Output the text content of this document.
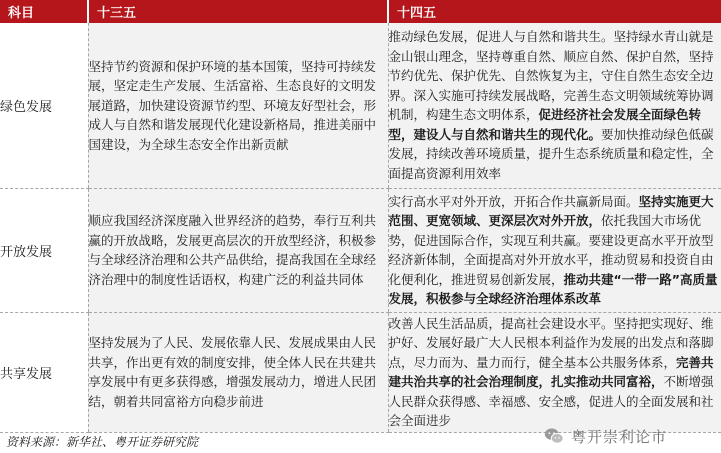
科目	十三五	十四五
绿色发展	坚持节约资源和保护环境的基本国策，坚持可持续发展，坚定走生产发展、生活富裕、生态良好的文明发展道路，加快建设资源节约型、环境友好型社会，形成人与自然和谐发展现代化建设新格局，推进美丽中国建设，为全球生态安全作出新贡献	推动绿色发展，促进人与自然和谐共生。坚持绿水青山就是金山银山理念，坚持尊重自然、顺应自然、保护自然，坚持节约优先、保护优先、自然恢复为主，守住自然生态安全边界。深入实施可持续发展战略，完善生态文明领域统筹协调机制，构建生态文明体系，促进经济社会发展全面绿色转型，建设人与自然和谐共生的现代化。要加快推动绿色低碳发展，持续改善环境质量，提升生态系统质量和稳定性，全面提高资源利用效率
开放发展	顺应我国经济深度融入世界经济的趋势，奉行互利共赢的开放战略，发展更高层次的开放型经济，积极参与全球经济治理和公共产品供给，提高我国在全球经济治理中的制度性话语权，构建广泛的利益共同体	实行高水平对外开放，开拓合作共赢新局面。坚持实施更大范围、更宽领域、更深层次对外开放，依托我国大市场优势，促进国际合作，实现互利共赢。要建设更高水平开放型经济新体制，全面提高对外开放水平，推动贸易和投资自由化便利化，推进贸易创新发展，推动共建“一带一路”高质量发展，积极参与全球经济治理体系改革
共享发展	坚持发展为了人民、发展依靠人民、发展成果由人民共享，作出更有效的制度安排，使全体人民在共建共享发展中有更多获得感，增强发展动力，增进人民团结，朝着共同富裕方向稳步前进	改善人民生活品质，提高社会建设水平。坚持把实现好、维护好、发展好最广大人民根本利益作为发展的出发点和落脚点，尽力而为、量力而行，健全基本公共服务体系，完善共建共治共享的社会治理制度，扎实推动共同富裕，不断增强人民群众获得感、幸福感、安全感，促进人的全面发展和社会全面进步
资料来源：新华社、粤开证券研究院	粤开崇利论市
